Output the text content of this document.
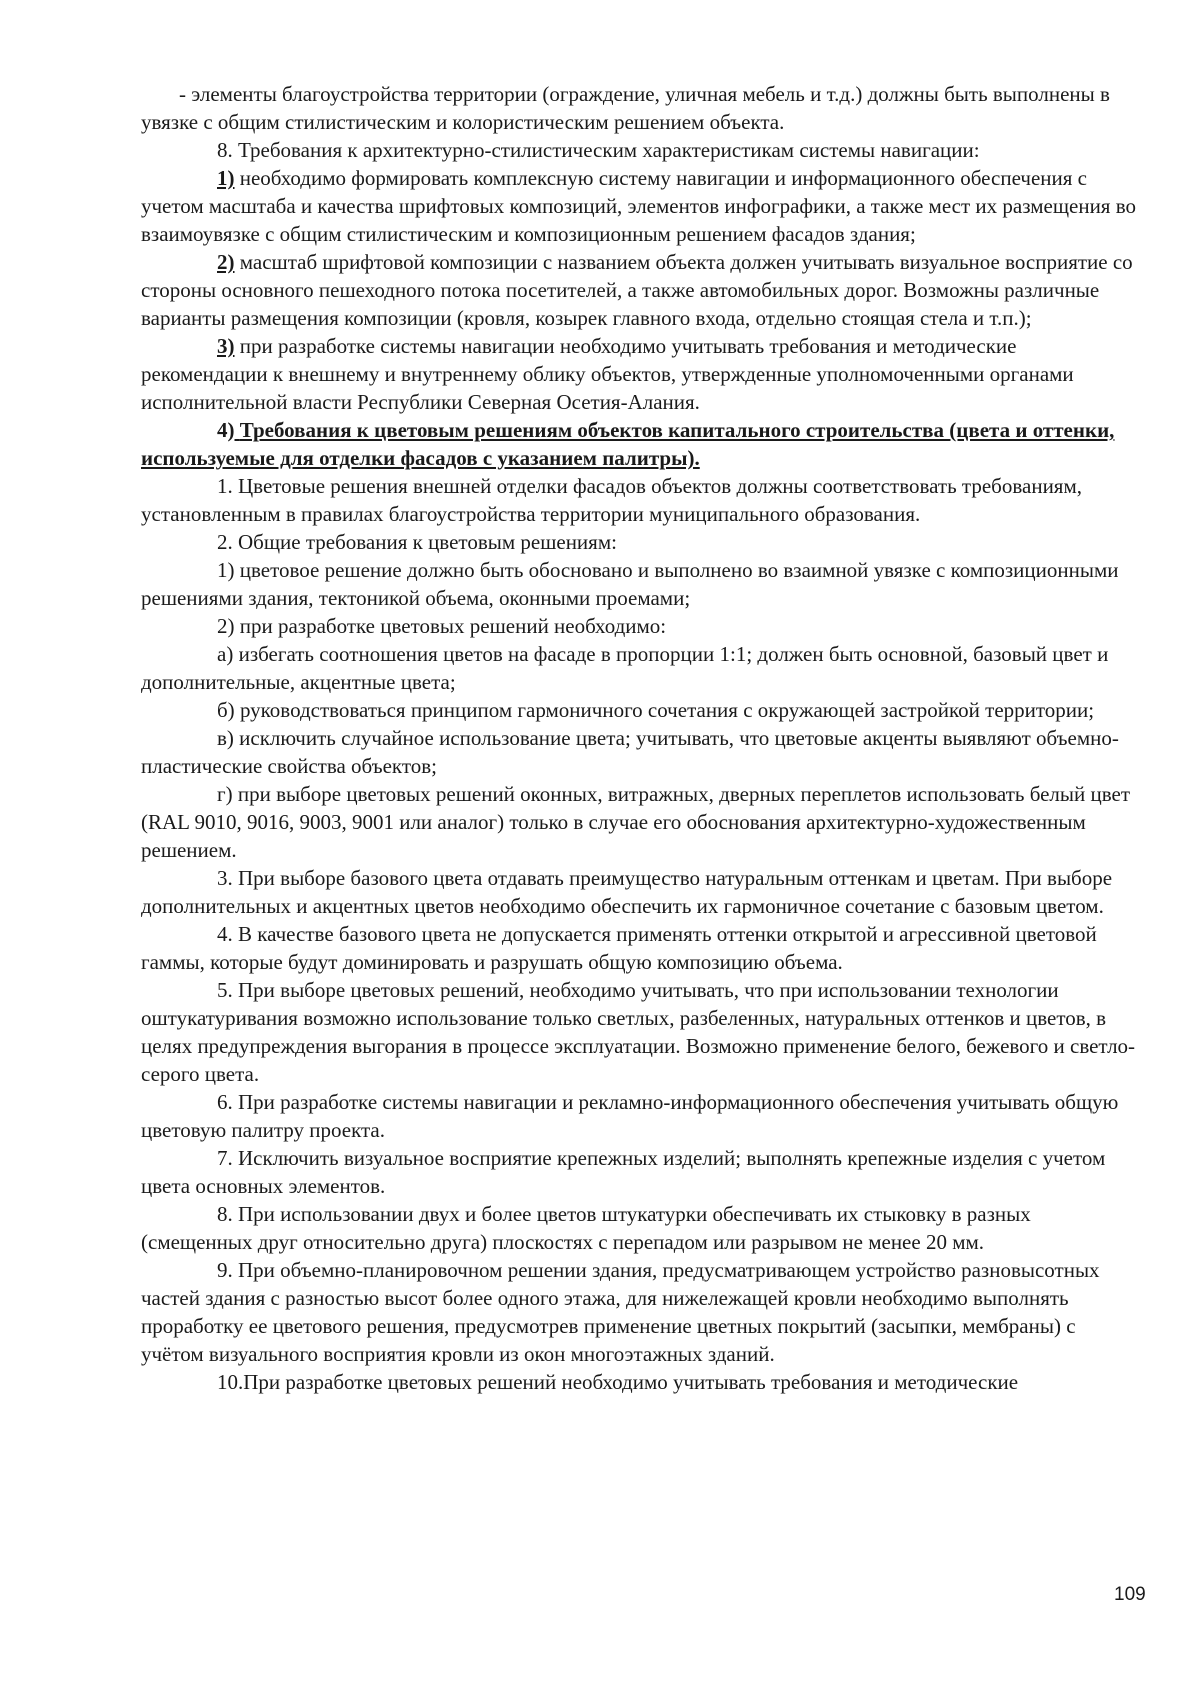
- элементы благоустройства территории (ограждение, уличная мебель и т.д.) должны быть выполнены в увязке с общим стилистическим и колористическим решением объекта.

8. Требования к архитектурно-стилистическим характеристикам системы навигации:

1) необходимо формировать комплексную систему навигации и информационного обеспечения с учетом масштаба и качества шрифтовых композиций, элементов инфографики, а также мест их размещения во взаимоувязке с общим стилистическим и композиционным решением фасадов здания;

2) масштаб шрифтовой композиции с названием объекта должен учитывать визуальное восприятие со стороны основного пешеходного потока посетителей, а также автомобильных дорог. Возможны различные варианты размещения композиции (кровля, козырек главного входа, отдельно стоящая стела и т.п.);

3) при разработке системы навигации необходимо учитывать требования и методические рекомендации к внешнему и внутреннему облику объектов, утвержденные уполномоченными органами исполнительной власти Республики Северная Осетия-Алания.

4) Требования к цветовым решениям объектов капитального строительства (цвета и оттенки, используемые для отделки фасадов с указанием палитры).

1. Цветовые решения внешней отделки фасадов объектов должны соответствовать требованиям, установленным в правилах благоустройства территории муниципального образования.

2. Общие требования к цветовым решениям:

1) цветовое решение должно быть обосновано и выполнено во взаимной увязке с композиционными решениями здания, тектоникой объема, оконными проемами;

2) при разработке цветовых решений необходимо:

а) избегать соотношения цветов на фасаде в пропорции 1:1; должен быть основной, базовый цвет и дополнительные, акцентные цвета;

б) руководствоваться принципом гармоничного сочетания с окружающей застройкой территории;

в) исключить случайное использование цвета; учитывать, что цветовые акценты выявляют объемно-пластические свойства объектов;

г) при выборе цветовых решений оконных, витражных, дверных переплетов использовать белый цвет (RAL 9010, 9016, 9003, 9001 или аналог) только в случае его обоснования архитектурно-художественным решением.

3. При выборе базового цвета отдавать преимущество натуральным оттенкам и цветам. При выборе дополнительных и акцентных цветов необходимо обеспечить их гармоничное сочетание с базовым цветом.

4. В качестве базового цвета не допускается применять оттенки открытой и агрессивной цветовой гаммы, которые будут доминировать и разрушать общую композицию объема.

5. При выборе цветовых решений, необходимо учитывать, что при использовании технологии оштукатуривания возможно использование только светлых, разбеленных, натуральных оттенков и цветов, в целях предупреждения выгорания в процессе эксплуатации. Возможно применение белого, бежевого и светло-серого цвета.

6. При разработке системы навигации и рекламно-информационного обеспечения учитывать общую цветовую палитру проекта.

7. Исключить визуальное восприятие крепежных изделий; выполнять крепежные изделия с учетом цвета основных элементов.

8. При использовании двух и более цветов штукатурки обеспечивать их стыковку в разных (смещенных друг относительно друга) плоскостях с перепадом или разрывом не менее 20 мм.

9. При объемно-планировочном решении здания, предусматривающем устройство разновысотных частей здания с разностью высот более одного этажа, для нижележащей кровли необходимо выполнять проработку ее цветового решения, предусмотрев применение цветных покрытий (засыпки, мембраны) с учётом визуального восприятия кровли из окон многоэтажных зданий.

10.При разработке цветовых решений необходимо учитывать требования и методические

109
